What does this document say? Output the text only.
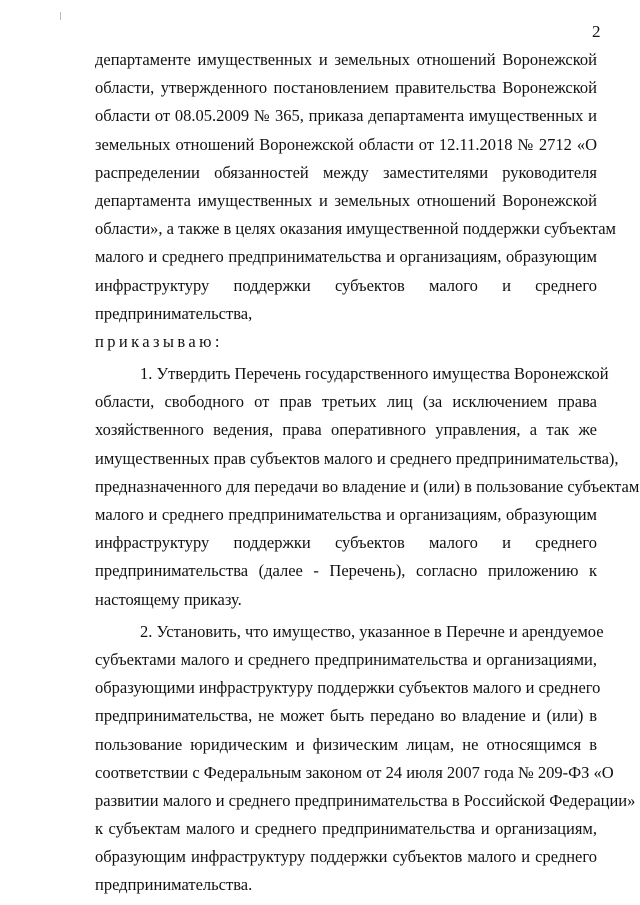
2
департаменте имущественных и земельных отношений Воронежской
области, утвержденного постановлением правительства Воронежской
области от 08.05.2009 № 365, приказа департамента имущественных и
земельных отношений Воронежской области от 12.11.2018 № 2712 «О
распределении обязанностей между заместителями руководителя
департамента имущественных и земельных отношений Воронежской
области», а также в целях оказания имущественной поддержки субъектам
малого и среднего предпринимательства и организациям, образующим
инфраструктуру поддержки субъектов малого и среднего
предпринимательства,
приказываю:
1. Утвердить Перечень государственного имущества Воронежской
области, свободного от прав третьих лиц (за исключением права
хозяйственного ведения, права оперативного управления, а так же
имущественных прав субъектов малого и среднего предпринимательства),
предназначенного для передачи во владение и (или) в пользование субъектам
малого и среднего предпринимательства и организациям, образующим
инфраструктуру поддержки субъектов малого и среднего
предпринимательства (далее - Перечень), согласно приложению к
настоящему приказу.
2. Установить, что имущество, указанное в Перечне и арендуемое
субъектами малого и среднего предпринимательства и организациями,
образующими инфраструктуру поддержки субъектов малого и среднего
предпринимательства, не может быть передано во владение и (или) в
пользование юридическим и физическим лицам, не относящимся в
соответствии с Федеральным законом от 24 июля 2007 года № 209-ФЗ «О
развитии малого и среднего предпринимательства в Российской Федерации»
к субъектам малого и среднего предпринимательства и организациям,
образующим инфраструктуру поддержки субъектов малого и среднего
предпринимательства.
